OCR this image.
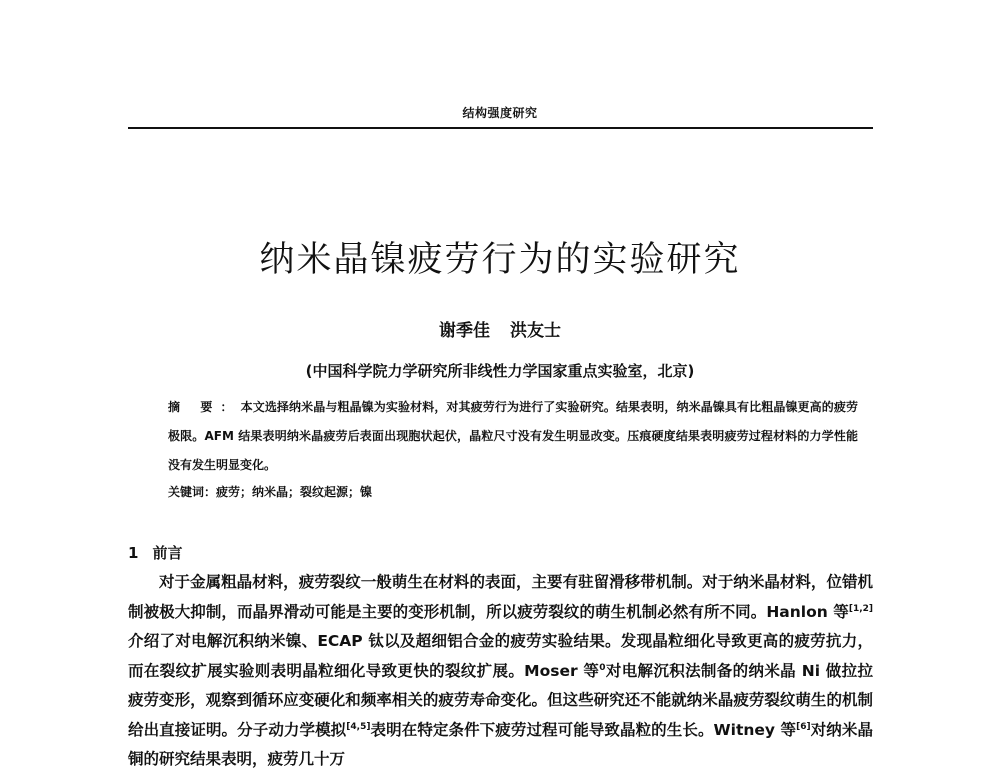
结构强度研究
纳米晶镍疲劳行为的实验研究
谢季佳 洪友士
(中国科学院力学研究所非线性力学国家重点实验室，北京)
摘 要：本文选择纳米晶与粗晶镍为实验材料，对其疲劳行为进行了实验研究。结果表明，纳米晶镍具有比粗晶镍更高的疲劳极限。AFM 结果表明纳米晶疲劳后表面出现胞状起伏，晶粒尺寸没有发生明显改变。压痕硬度结果表明疲劳过程材料的力学性能没有发生明显变化。
关键词：疲劳；纳米晶；裂纹起源；镍
1 前言
对于金属粗晶材料，疲劳裂纹一般萌生在材料的表面，主要有驻留滑移带机制。对于纳米晶材料，位错机制被极大抑制，而晶界滑动可能是主要的变形机制，所以疲劳裂纹的萌生机制必然有所不同。Hanlon 等[1,2]介绍了对电解沉积纳米镍、ECAP 钛以及超细铝合金的疲劳实验结果。发现晶粒细化导致更高的疲劳抗力，而在裂纹扩展实验则表明晶粒细化导致更快的裂纹扩展。Moser 等$^0$对电解沉积法制备的纳米晶 Ni 做拉拉疲劳变形，观察到循环应变硬化和频率相关的疲劳寿命变化。但这些研究还不能就纳米晶疲劳裂纹萌生的机制给出直接证明。分子动力学模拟[4,5]表明在特定条件下疲劳过程可能导致晶粒的生长。Witney 等[6]对纳米晶铜的研究结果表明，疲劳几十万
